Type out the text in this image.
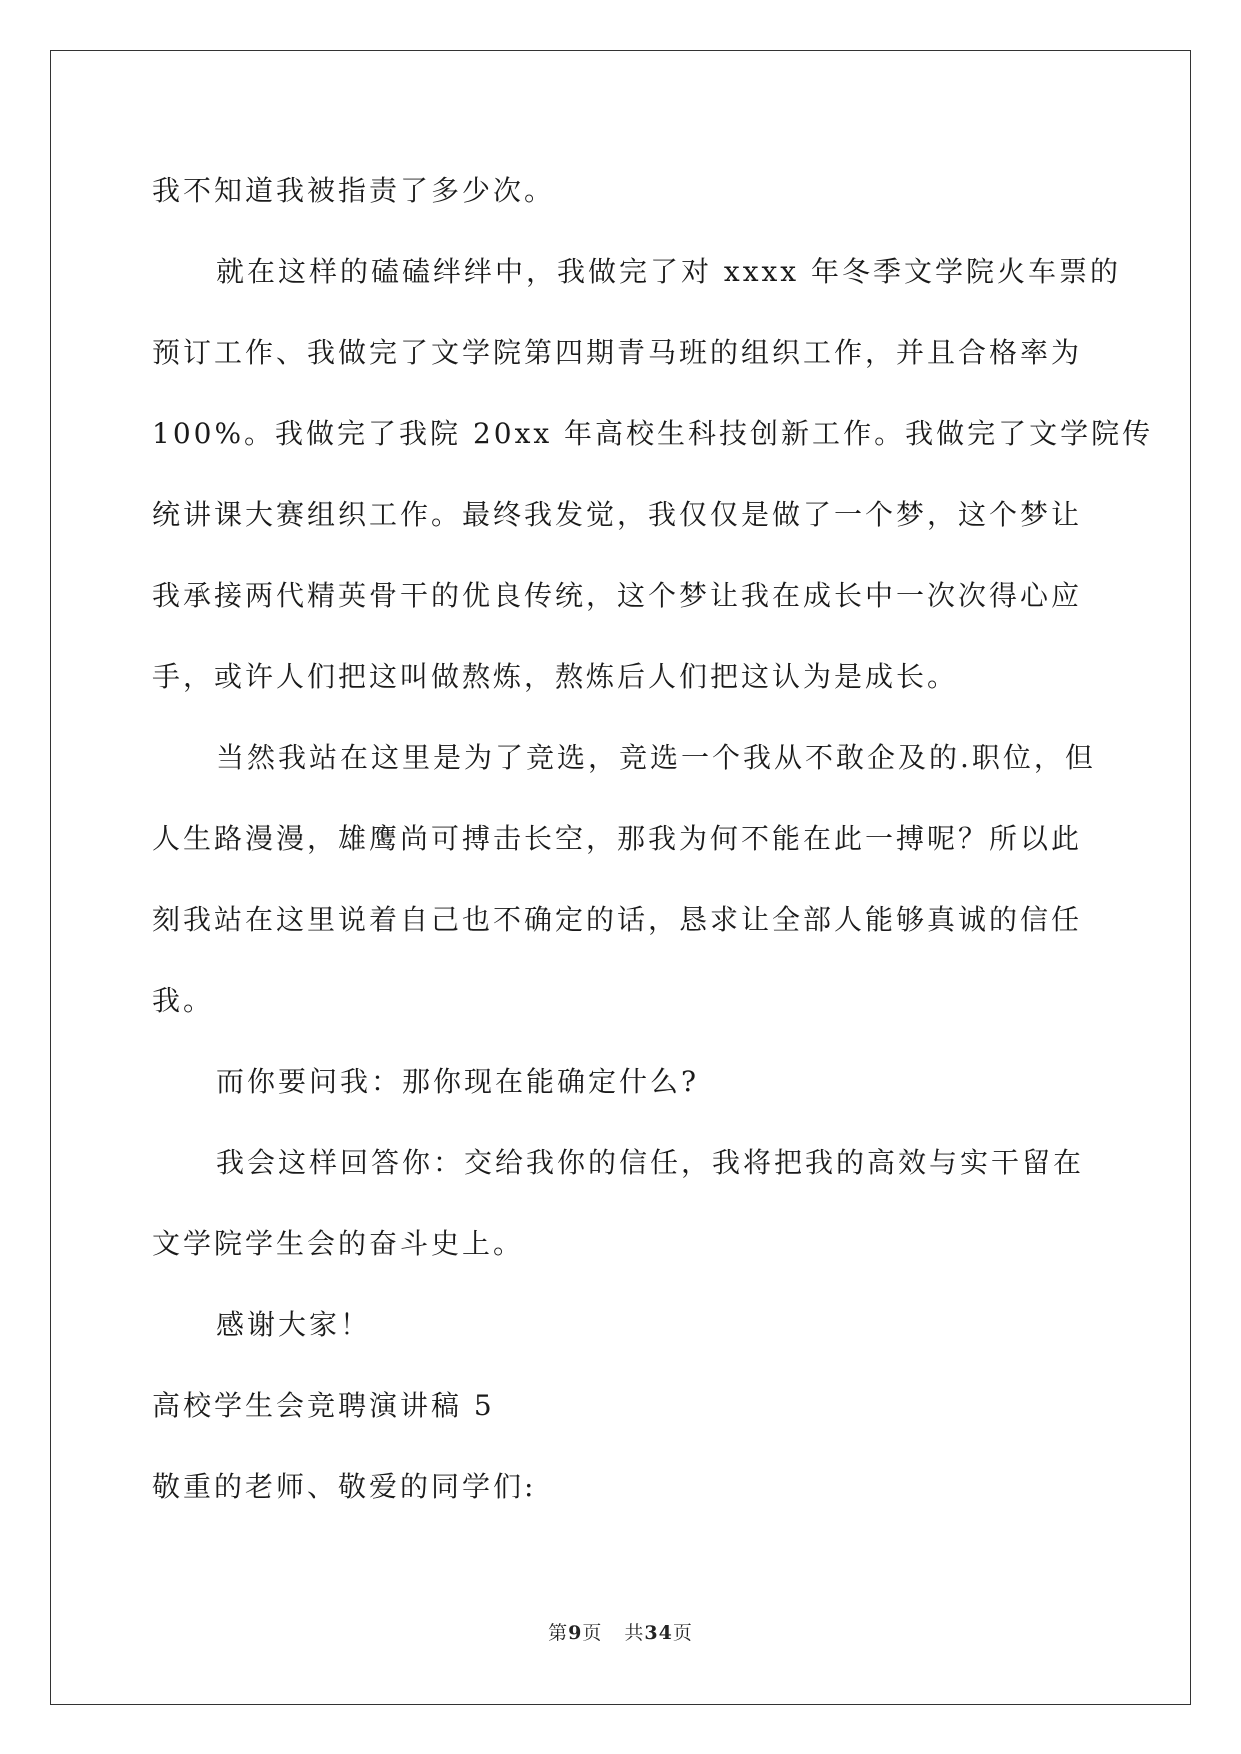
我不知道我被指责了多少次。
就在这样的磕磕绊绊中，我做完了对 xxxx 年冬季文学院火车票的
预订工作、我做完了文学院第四期青马班的组织工作，并且合格率为
100%。我做完了我院 20xx 年高校生科技创新工作。我做完了文学院传
统讲课大赛组织工作。最终我发觉，我仅仅是做了一个梦，这个梦让
我承接两代精英骨干的优良传统，这个梦让我在成长中一次次得心应
手，或许人们把这叫做熬炼，熬炼后人们把这认为是成长。
当然我站在这里是为了竞选，竞选一个我从不敢企及的.职位，但
人生路漫漫，雄鹰尚可搏击长空，那我为何不能在此一搏呢？所以此
刻我站在这里说着自己也不确定的话，恳求让全部人能够真诚的信任
我。
而你要问我：那你现在能确定什么?
我会这样回答你：交给我你的信任，我将把我的高效与实干留在
文学院学生会的奋斗史上。
感谢大家！
高校学生会竞聘演讲稿 5
敬重的老师、敬爱的同学们:
第9页 共34页
